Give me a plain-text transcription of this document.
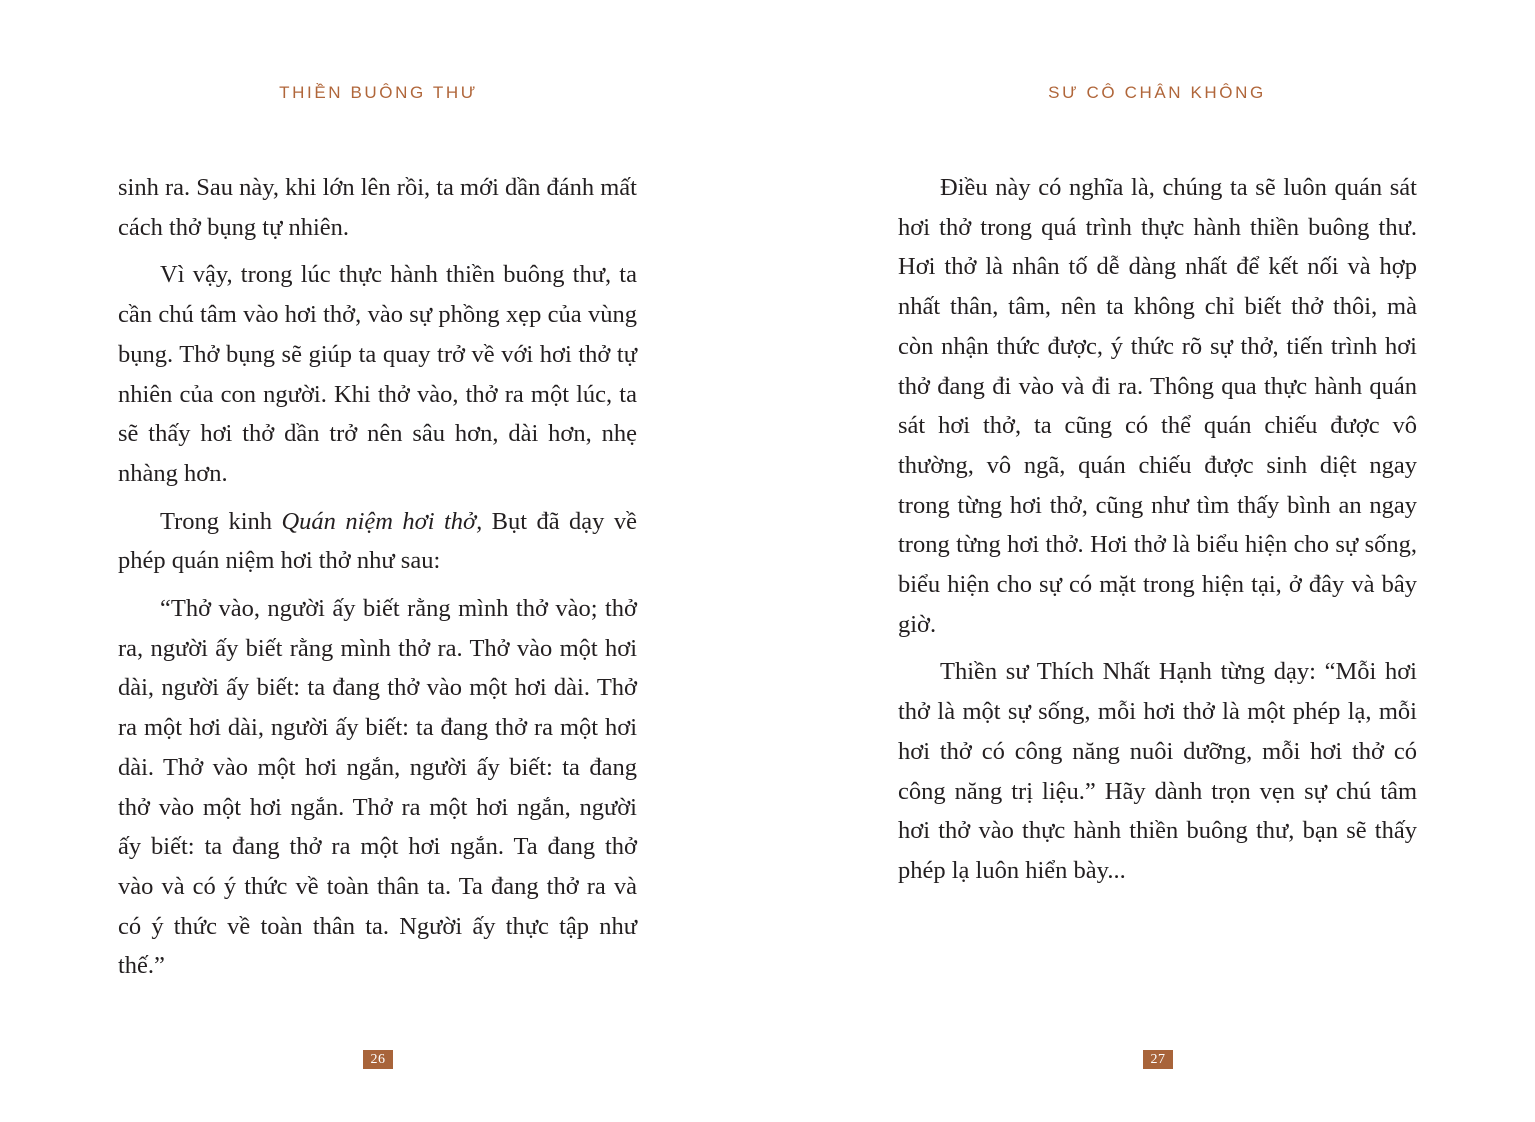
THIỀN BUÔNG THƯ

sinh ra. Sau này, khi lớn lên rồi, ta mới dần đánh mất cách thở bụng tự nhiên.

Vì vậy, trong lúc thực hành thiền buông thư, ta cần chú tâm vào hơi thở, vào sự phồng xẹp của vùng bụng. Thở bụng sẽ giúp ta quay trở về với hơi thở tự nhiên của con người. Khi thở vào, thở ra một lúc, ta sẽ thấy hơi thở dần trở nên sâu hơn, dài hơn, nhẹ nhàng hơn.

Trong kinh Quán niệm hơi thở, Bụt đã dạy về phép quán niệm hơi thở như sau:

“Thở vào, người ấy biết rằng mình thở vào; thở ra, người ấy biết rằng mình thở ra. Thở vào một hơi dài, người ấy biết: ta đang thở vào một hơi dài. Thở ra một hơi dài, người ấy biết: ta đang thở ra một hơi dài. Thở vào một hơi ngắn, người ấy biết: ta đang thở vào một hơi ngắn. Thở ra một hơi ngắn, người ấy biết: ta đang thở ra một hơi ngắn. Ta đang thở vào và có ý thức về toàn thân ta. Ta đang thở ra và có ý thức về toàn thân ta. Người ấy thực tập như thế.”

26
SƯ CÔ CHÂN KHÔNG

Điều này có nghĩa là, chúng ta sẽ luôn quán sát hơi thở trong quá trình thực hành thiền buông thư. Hơi thở là nhân tố dễ dàng nhất để kết nối và hợp nhất thân, tâm, nên ta không chỉ biết thở thôi, mà còn nhận thức được, ý thức rõ sự thở, tiến trình hơi thở đang đi vào và đi ra. Thông qua thực hành quán sát hơi thở, ta cũng có thể quán chiếu được vô thường, vô ngã, quán chiếu được sinh diệt ngay trong từng hơi thở, cũng như tìm thấy bình an ngay trong từng hơi thở. Hơi thở là biểu hiện cho sự sống, biểu hiện cho sự có mặt trong hiện tại, ở đây và bây giờ.

Thiền sư Thích Nhất Hạnh từng dạy: “Mỗi hơi thở là một sự sống, mỗi hơi thở là một phép lạ, mỗi hơi thở có công năng nuôi dưỡng, mỗi hơi thở có công năng trị liệu.” Hãy dành trọn vẹn sự chú tâm hơi thở vào thực hành thiền buông thư, bạn sẽ thấy phép lạ luôn hiển bày...

27
